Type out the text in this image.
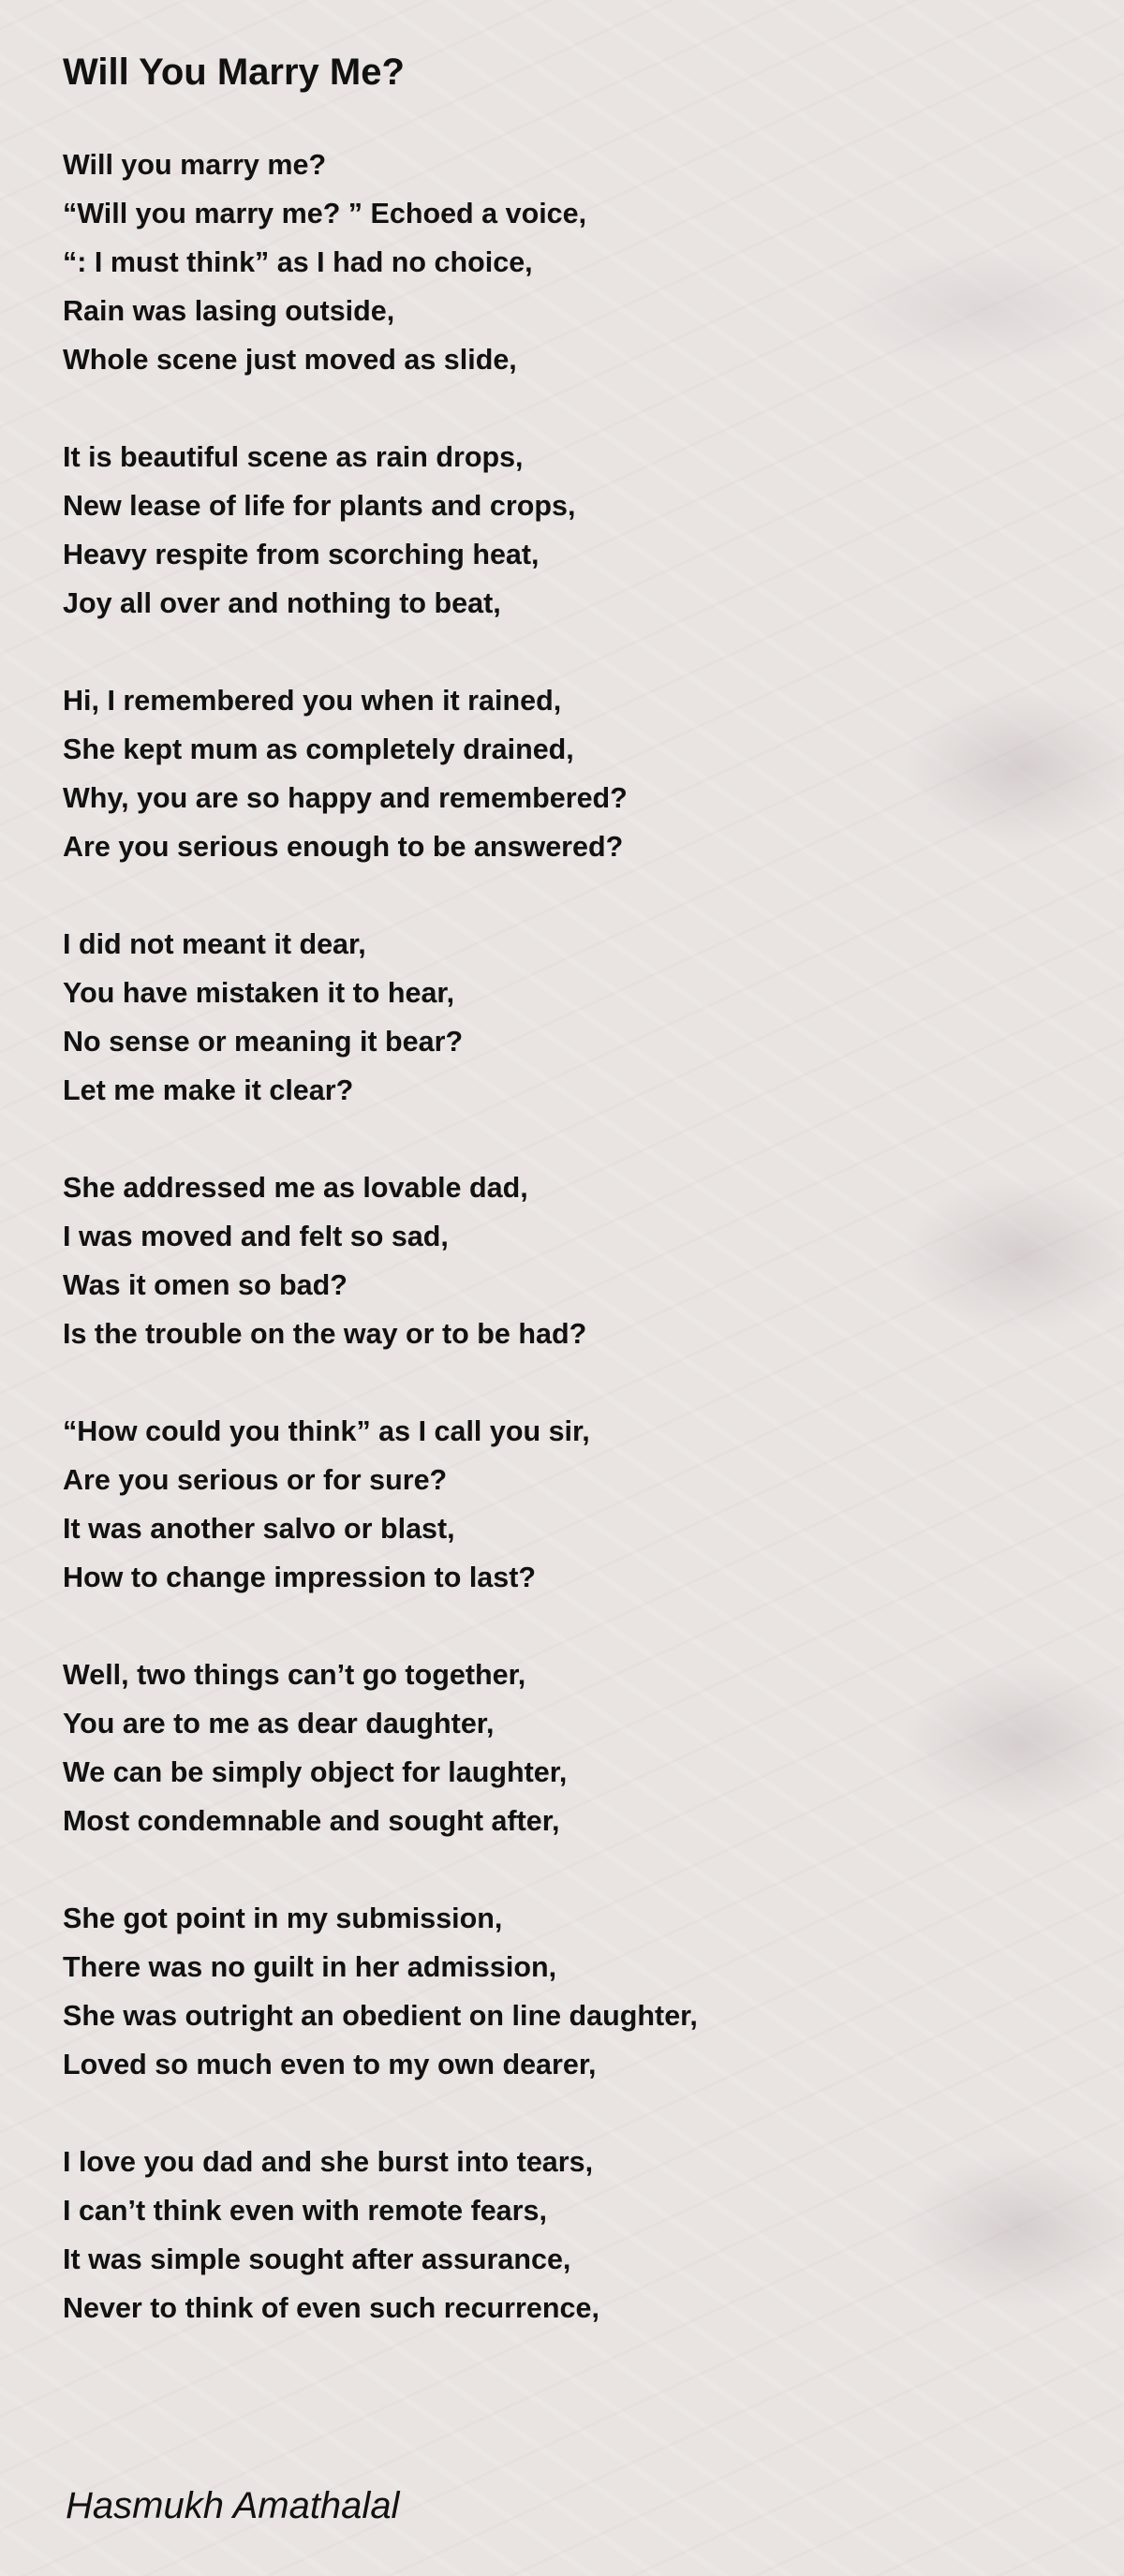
Will You Marry Me?
Will you marry me?
“Will you marry me? ” Echoed a voice,
“: I must think” as I had no choice,
Rain was lasing outside,
Whole scene just moved as slide,
It is beautiful scene as rain drops,
New lease of life for plants and crops,
Heavy respite from scorching heat,
Joy all over and nothing to beat,
Hi, I remembered you when it rained,
She kept mum as completely drained,
Why, you are so happy and remembered?
Are you serious enough to be answered?
I did not meant it dear,
You have mistaken it to hear,
No sense or meaning it bear?
Let me make it clear?
She addressed me as lovable dad,
I was moved and felt so sad,
Was it omen so bad?
Is the trouble on the way or to be had?
“How could you think” as I call you sir,
Are you serious or for sure?
It was another salvo or blast,
How to change impression to last?
Well, two things can’t go together,
You are to me as dear daughter,
We can be simply object for laughter,
Most condemnable and sought after,
She got point in my submission,
There was no guilt in her admission,
She was outright an obedient on line daughter,
Loved so much even to my own dearer,
I love you dad and she burst into tears,
I can’t think even with remote fears,
It was simple sought after assurance,
Never to think of even such recurrence,

Hasmukh Amathalal
